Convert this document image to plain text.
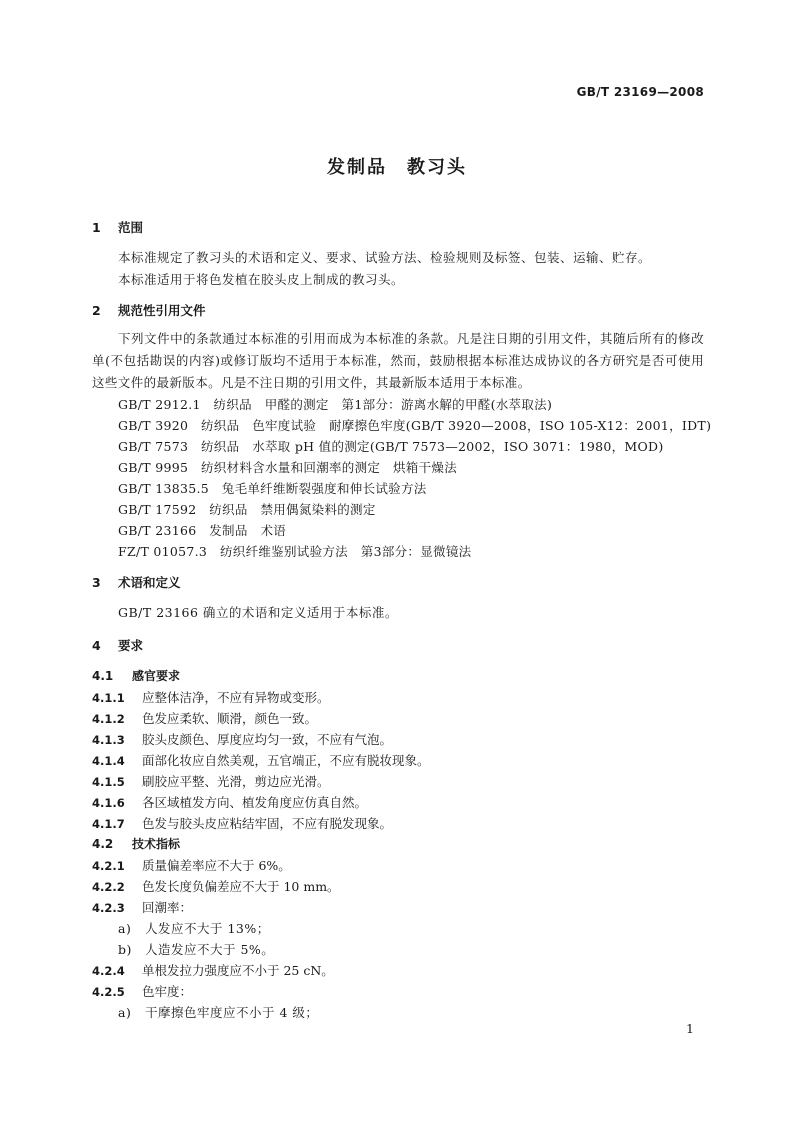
GB/T 23169—2008
发制品　教习头
1 范围
本标准规定了教习头的术语和定义、要求、试验方法、检验规则及标签、包装、运输、贮存。
本标准适用于将色发植在胶头皮上制成的教习头。
2 规范性引用文件
下列文件中的条款通过本标准的引用而成为本标准的条款。凡是注日期的引用文件，其随后所有的修改单(不包括勘误的内容)或修订版均不适用于本标准，然而，鼓励根据本标准达成协议的各方研究是否可使用这些文件的最新版本。凡是不注日期的引用文件，其最新版本适用于本标准。
GB/T 2912.1　纺织品　甲醛的测定　第1部分：游离水解的甲醛(水萃取法)
GB/T 3920　纺织品　色牢度试验　耐摩擦色牢度(GB/T 3920—2008，ISO 105-X12：2001，IDT)
GB/T 7573　纺织品　水萃取 pH 值的测定(GB/T 7573—2002，ISO 3071：1980，MOD)
GB/T 9995　纺织材料含水量和回潮率的测定　烘箱干燥法
GB/T 13835.5　兔毛单纤维断裂强度和伸长试验方法
GB/T 17592　纺织品　禁用偶氮染料的测定
GB/T 23166　发制品　术语
FZ/T 01057.3　纺织纤维鉴别试验方法　第3部分：显微镜法
3 术语和定义
GB/T 23166 确立的术语和定义适用于本标准。
4 要求
4.1 感官要求
4.1.1 应整体洁净，不应有异物或变形。
4.1.2 色发应柔软、顺滑，颜色一致。
4.1.3 胶头皮颜色、厚度应均匀一致，不应有气泡。
4.1.4 面部化妆应自然美观，五官端正，不应有脱妆现象。
4.1.5 刷胶应平整、光滑，剪边应光滑。
4.1.6 各区域植发方向、植发角度应仿真自然。
4.1.7 色发与胶头皮应粘结牢固，不应有脱发现象。
4.2 技术指标
4.2.1 质量偏差率应不大于 6%。
4.2.2 色发长度负偏差应不大于 10 mm。
4.2.3 回潮率：
a) 人发应不大于 13%；
b) 人造发应不大于 5%。
4.2.4 单根发拉力强度应不小于 25 cN。
4.2.5 色牢度：
a) 干摩擦色牢度应不小于 4 级；
1
